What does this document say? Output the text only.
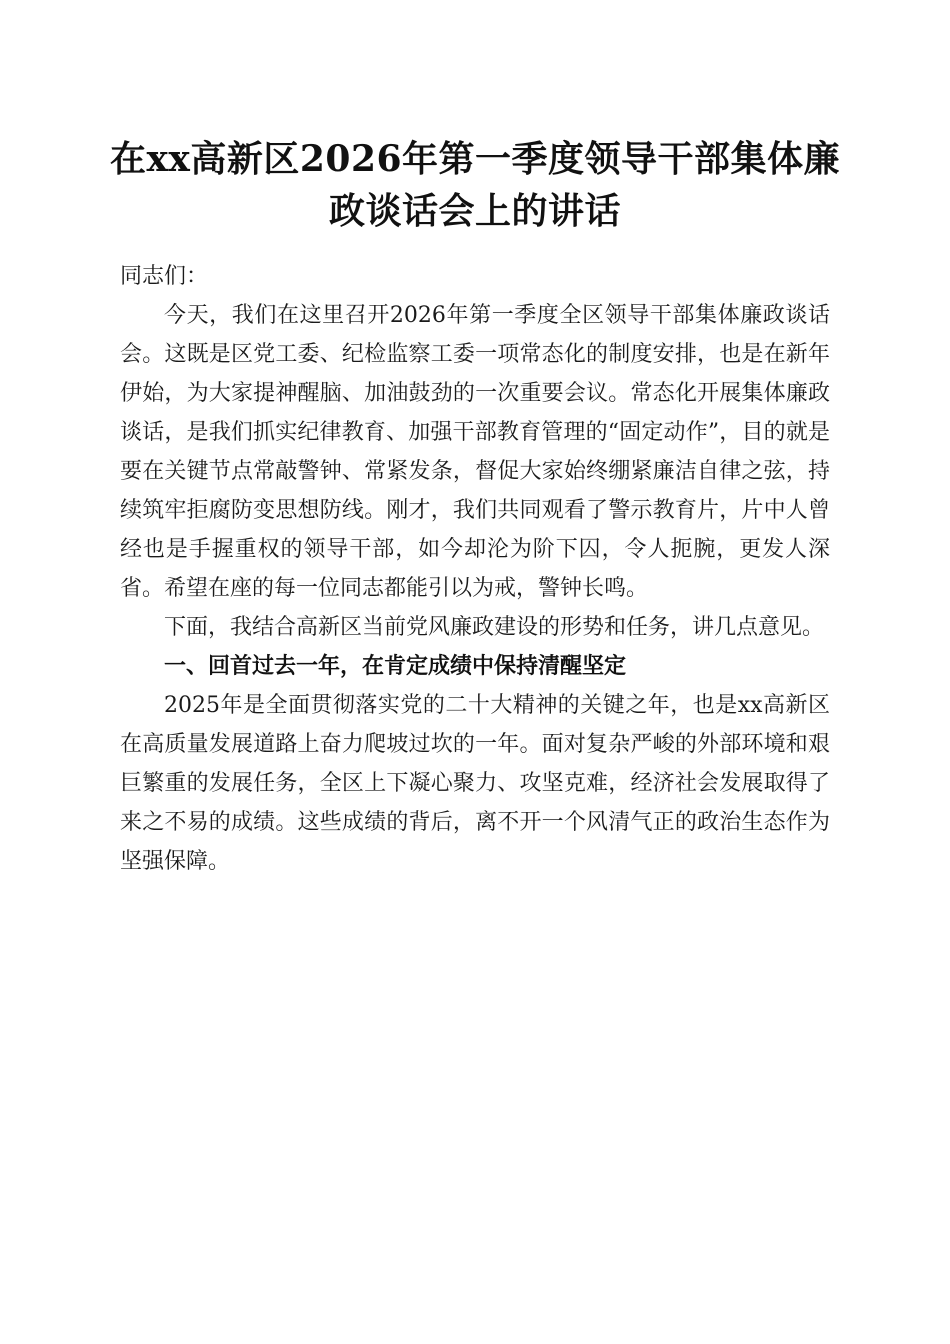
在xx高新区2026年第一季度领导干部集体廉政谈话会上的讲话

同志们：

今天，我们在这里召开2026年第一季度全区领导干部集体廉政谈话会。这既是区党工委、纪检监察工委一项常态化的制度安排，也是在新年伊始，为大家提神醒脑、加油鼓劲的一次重要会议。常态化开展集体廉政谈话，是我们抓实纪律教育、加强干部教育管理的“固定动作”，目的就是要在关键节点常敲警钟、常紧发条，督促大家始终绷紧廉洁自律之弦，持续筑牢拒腐防变思想防线。刚才，我们共同观看了警示教育片，片中人曾经也是手握重权的领导干部，如今却沦为阶下囚，令人扼腕，更发人深省。希望在座的每一位同志都能引以为戒，警钟长鸣。

下面，我结合高新区当前党风廉政建设的形势和任务，讲几点意见。

一、回首过去一年，在肯定成绩中保持清醒坚定

2025年是全面贯彻落实党的二十大精神的关键之年，也是xx高新区在高质量发展道路上奋力爬坡过坎的一年。面对复杂严峻的外部环境和艰巨繁重的发展任务，全区上下凝心聚力、攻坚克难，经济社会发展取得了来之不易的成绩。这些成绩的背后，离不开一个风清气正的政治生态作为坚强保障。
